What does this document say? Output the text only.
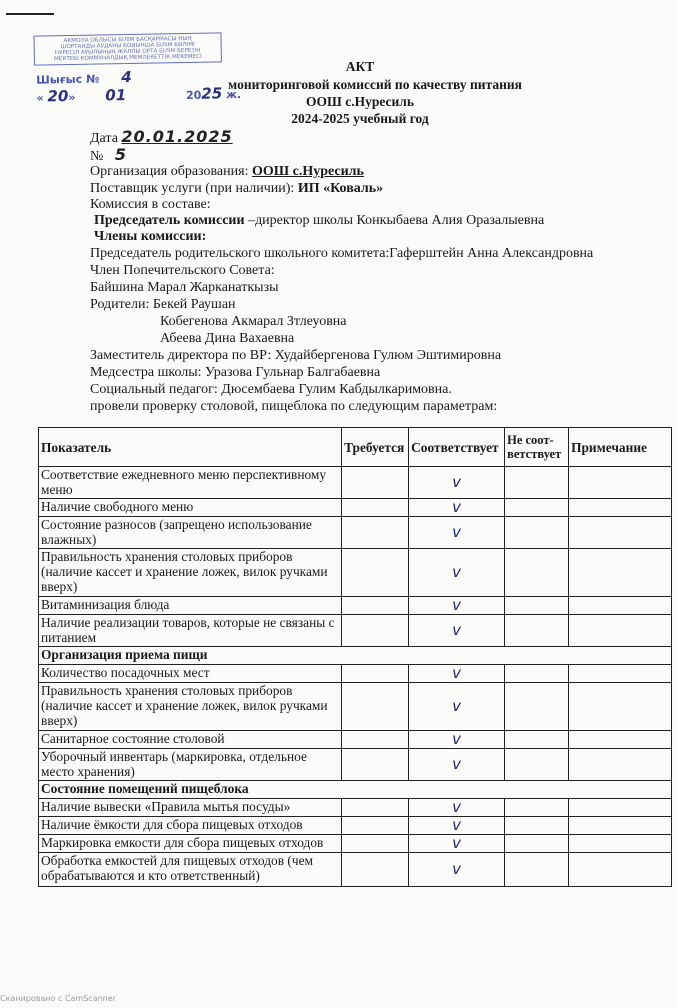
АКМОЛА ОБЛЫСЫ БІЛІМ БАСҚАРМАСЫ НЫҢ
ШОРТАНДЫ АУДАНЫ БОЙЫНША БІЛІМ БӨЛІМІ
НҰРЕСІЛ АУЫЛЫНЫҢ ЖАЛПЫ ОРТА БІЛІМ БЕРЕТІН
МЕКТЕБІ КОММУНАЛДЫҚ МЕМЛЕКЕТТІК МЕКЕМЕСІ
Шығыс № 4
« 20» 01	2025 ж.
АКТ
мониторинговой комиссий по качеству питания
ООШ с.Нуресиль
2024-2025 учебный год
Дата 20.01.2025
№ 5
Организация образования: ООШ с.Нуресиль
Поставщик услуги (при наличии): ИП «Коваль»
Комиссия в составе:
Председатель комиссии –директор школы Конкыбаева Алия Оразалыевна
Члены комиссии:
Председатель родительского школьного комитета:Гаферштейн Анна Александровна
Член Попечительского Совета:
Байшина Марал Жарканаткызы
Родители: Бекей Раушан
Кобегенова Акмарал Зтлеуовна
Абеева Дина Вахаевна
Заместитель директора по ВР: Худайбергенова Гулюм Эштимировна
Медсестра школы: Уразова Гульнар Балгабаевна
Социальный педагог: Дюсембаева Гулим Кабдылкаримовна.
провели проверку столовой, пищеблока по следующим параметрам:
Показатель	Требуется	Соответствует	Не соот-ветствует	Примечание
Соответствие ежедневного меню перспективному меню		v		
Наличие свободного меню		v		
Состояние разносов (запрещено использование влажных)		v		
Правильность хранения столовых приборов (наличие кассет и хранение ложек, вилок ручками вверх)		v		
Витаминизация блюда		v		
Наличие реализации товаров, которые не связаны с питанием		v		
Организация приема пищи				
Количество посадочных мест		v		
Правильность хранения столовых приборов (наличие кассет и хранение ложек, вилок ручками вверх)		v		
Санитарное состояние столовой		v		
Уборочный инвентарь (маркировка, отдельное место хранения)		v		
Состояние помещений пищеблока				
Наличие вывески «Правила мытья посуды»		v		
Наличие ёмкости для сбора пищевых отходов		v		
Маркировка емкости для сбора пищевых отходов		v		
Обработка емкостей для пищевых отходов (чем обрабатываются и кто ответственный)		v		
Сканировано с CamScanner
